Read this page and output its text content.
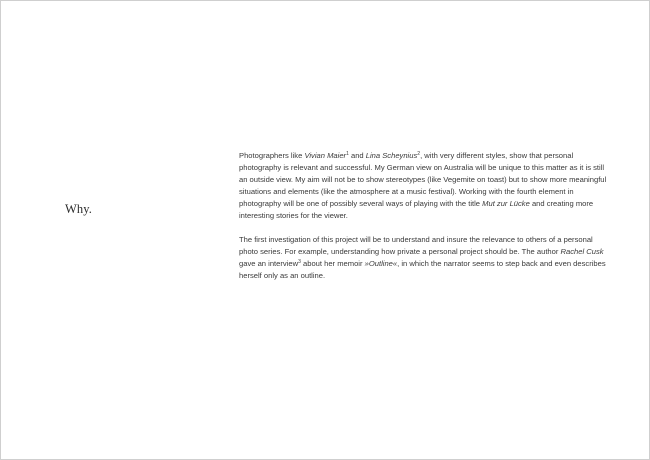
Why.

Photographers like Vivian Maier$^1$ and Lina Scheynius$^2$, with very different styles, show that personal photography is relevant and successful. My German view on Australia will be unique to this matter as it is still an outside view. My aim will not be to show stereotypes (like Vegemite on toast) but to show more meaningful situations and elements (like the atmosphere at a music festival). Working with the fourth element in photography will be one of possibly several ways of playing with the title Mut zur Lücke and creating more interesting stories for the viewer.

The first investigation of this project will be to understand and insure the relevance to others of a personal photo series. For example, understanding how private a personal project should be. The author Rachel Cusk gave an interview$^3$ about her memoir »Outline«, in which the narrator seems to step back and even describes herself only as an outline.
